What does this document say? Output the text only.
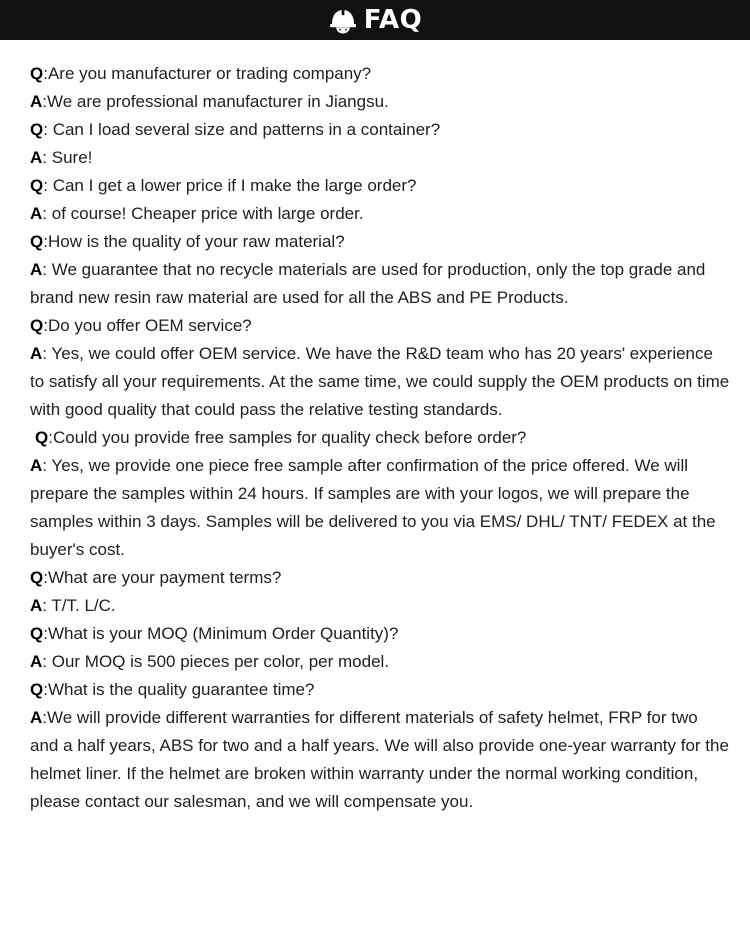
FAQ

Q:Are you manufacturer or trading company?

A:We are professional manufacturer in Jiangsu.

Q: Can I load several size and patterns in a container?

A: Sure!

Q: Can I get a lower price if I make the large order?

A: of course! Cheaper price with large order.

Q:How is the quality of your raw material?

A: We guarantee that no recycle materials are used for production, only the top grade and brand new resin raw material are used for all the ABS and PE Products.

Q:Do you offer OEM service?

A: Yes, we could offer OEM service. We have the R&D team who has 20 years' experience to satisfy all your requirements. At the same time, we could supply the OEM products on time with good quality that could pass the relative testing standards.

Q:Could you provide free samples for quality check before order?

A: Yes, we provide one piece free sample after confirmation of the price offered. We will prepare the samples within 24 hours. If samples are with your logos, we will prepare the samples within 3 days. Samples will be delivered to you via EMS/ DHL/ TNT/ FEDEX at the buyer's cost.

Q:What are your payment terms?

A: T/T. L/C.

Q:What is your MOQ (Minimum Order Quantity)?

A: Our MOQ is 500 pieces per color, per model.

Q:What is the quality guarantee time?

A:We will provide different warranties for different materials of safety helmet, FRP for two and a half years, ABS for two and a half years. We will also provide one-year warranty for the helmet liner. If the helmet are broken within warranty under the normal working condition, please contact our salesman, and we will compensate you.
